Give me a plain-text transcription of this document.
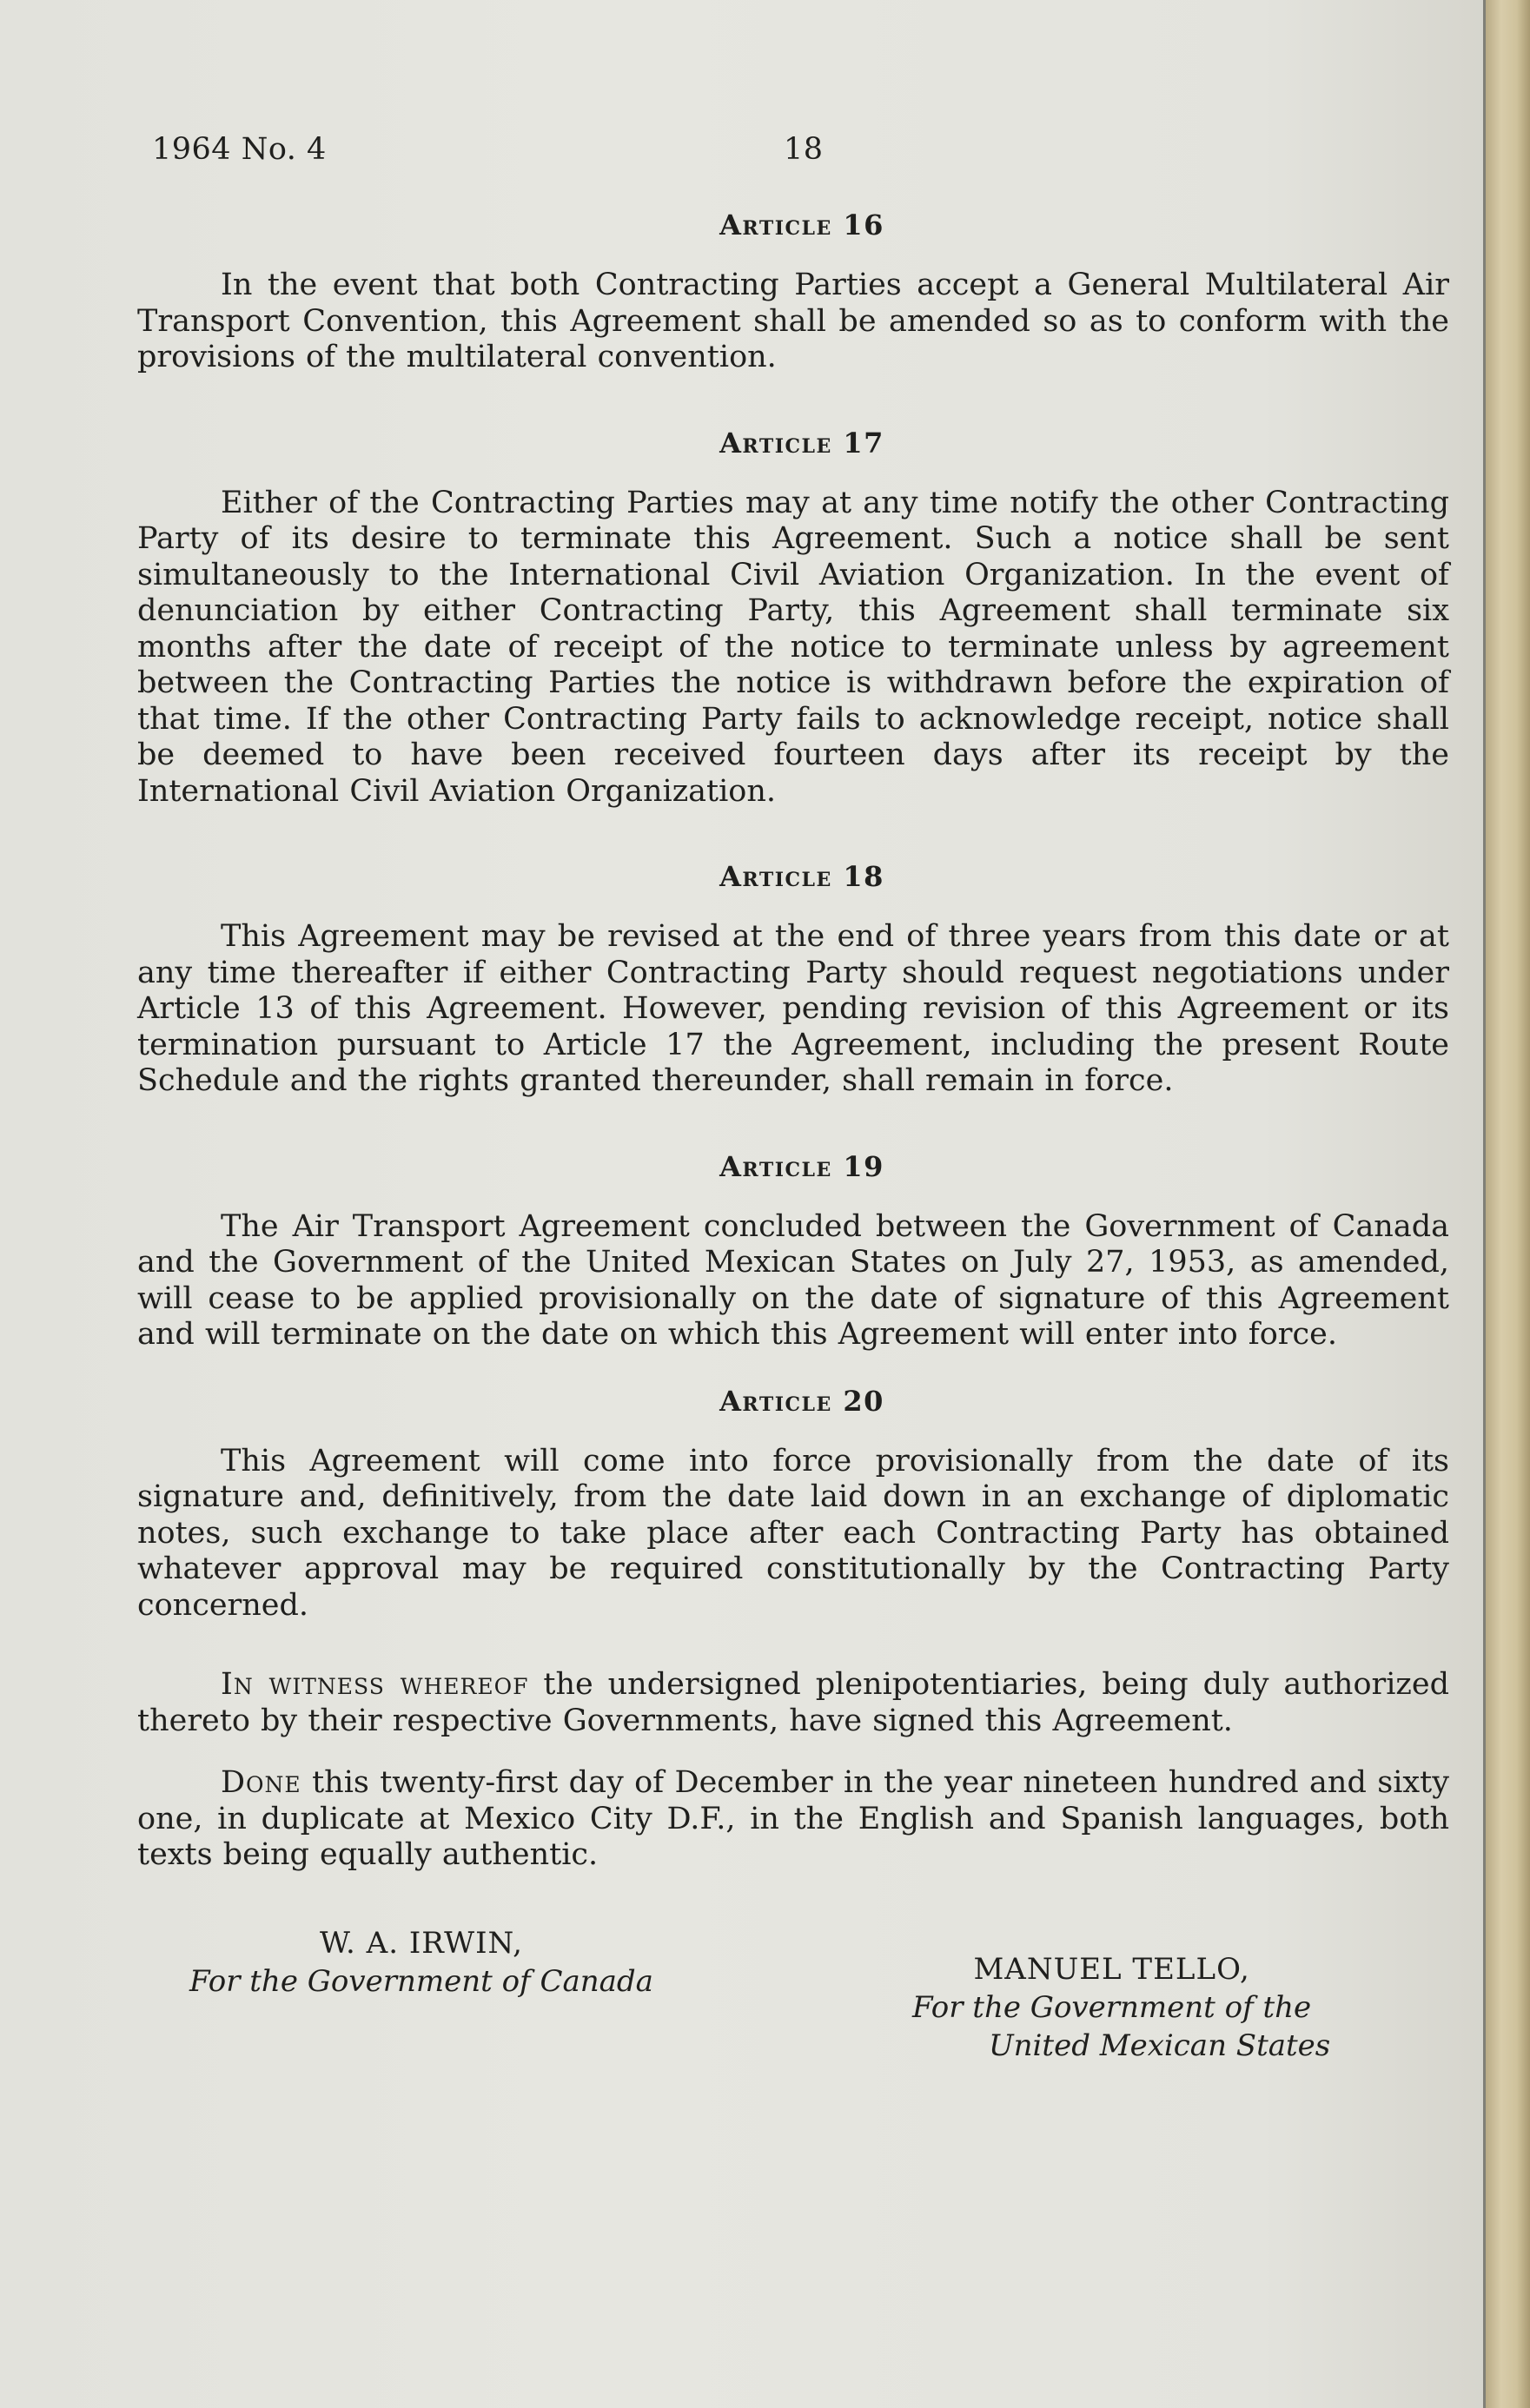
1964 No. 4	18
Article 16

In the event that both Contracting Parties accept a General Multilateral Air Transport Convention, this Agreement shall be amended so as to conform with the provisions of the multilateral convention.

Article 17

Either of the Contracting Parties may at any time notify the other Contracting Party of its desire to terminate this Agreement. Such a notice shall be sent simultaneously to the International Civil Aviation Organization. In the event of denunciation by either Contracting Party, this Agreement shall terminate six months after the date of receipt of the notice to terminate unless by agreement between the Contracting Parties the notice is withdrawn before the expiration of that time. If the other Contracting Party fails to acknowledge receipt, notice shall be deemed to have been received fourteen days after its receipt by the International Civil Aviation Organization.

Article 18

This Agreement may be revised at the end of three years from this date or at any time thereafter if either Contracting Party should request negotiations under Article 13 of this Agreement. However, pending revision of this Agreement or its termination pursuant to Article 17 the Agreement, including the present Route Schedule and the rights granted thereunder, shall remain in force.

Article 19

The Air Transport Agreement concluded between the Government of Canada and the Government of the United Mexican States on July 27, 1953, as amended, will cease to be applied provisionally on the date of signature of this Agreement and will terminate on the date on which this Agreement will enter into force.

Article 20

This Agreement will come into force provisionally from the date of its signature and, definitively, from the date laid down in an exchange of diplomatic notes, such exchange to take place after each Contracting Party has obtained whatever approval may be required constitutionally by the Contracting Party concerned.

In witness whereof the undersigned plenipotentiaries, being duly authorized thereto by their respective Governments, have signed this Agreement.

Done this twenty-first day of December in the year nineteen hundred and sixty one, in duplicate at Mexico City D.F., in the English and Spanish languages, both texts being equally authentic.

W. A. IRWIN,
For the Government of Canada	MANUEL TELLO,
For the Government of the
United Mexican States
